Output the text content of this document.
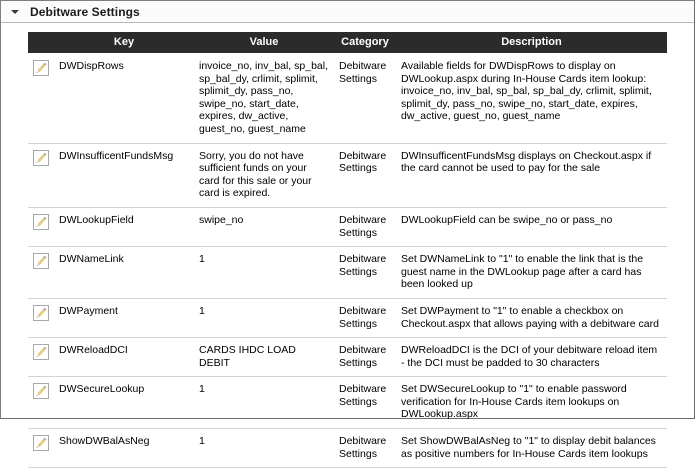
Debitware Settings
	Key	Value	Category	Description

	DWDispRows	invoice_no, inv_bal, sp_bal, sp_bal_dy, crlimit, splimit, splimit_dy, pass_no, swipe_no, start_date, expires, dw_active, guest_no, guest_name	Debitware Settings	Available fields for DWDispRows to display on DWLookup.aspx during In-House Cards item lookup: invoice_no, inv_bal, sp_bal, sp_bal_dy, crlimit, splimit, splimit_dy, pass_no, swipe_no, start_date, expires, dw_active, guest_no, guest_name

	DWInsufficentFundsMsg	Sorry, you do not have sufficient funds on your card for this sale or your card is expired.	Debitware Settings	DWInsufficentFundsMsg displays on Checkout.aspx if the card cannot be used to pay for the sale

	DWLookupField	swipe_no	Debitware Settings	DWLookupField can be swipe_no or pass_no

	DWNameLink	1	Debitware Settings	Set DWNameLink to "1" to enable the link that is the guest name in the DWLookup page after a card has been looked up

	DWPayment	1	Debitware Settings	Set DWPayment to "1" to enable a checkbox on Checkout.aspx that allows paying with a debitware card

	DWReloadDCI	CARDS IHDC LOAD DEBIT	Debitware Settings	DWReloadDCI is the DCI of your debitware reload item - the DCI must be padded to 30 characters

	DWSecureLookup	1	Debitware Settings	Set DWSecureLookup to "1" to enable password verification for In-House Cards item lookups on DWLookup.aspx

	ShowDWBalAsNeg	1	Debitware Settings	Set ShowDWBalAsNeg to "1" to display debit balances as positive numbers for In-House Cards item lookups
